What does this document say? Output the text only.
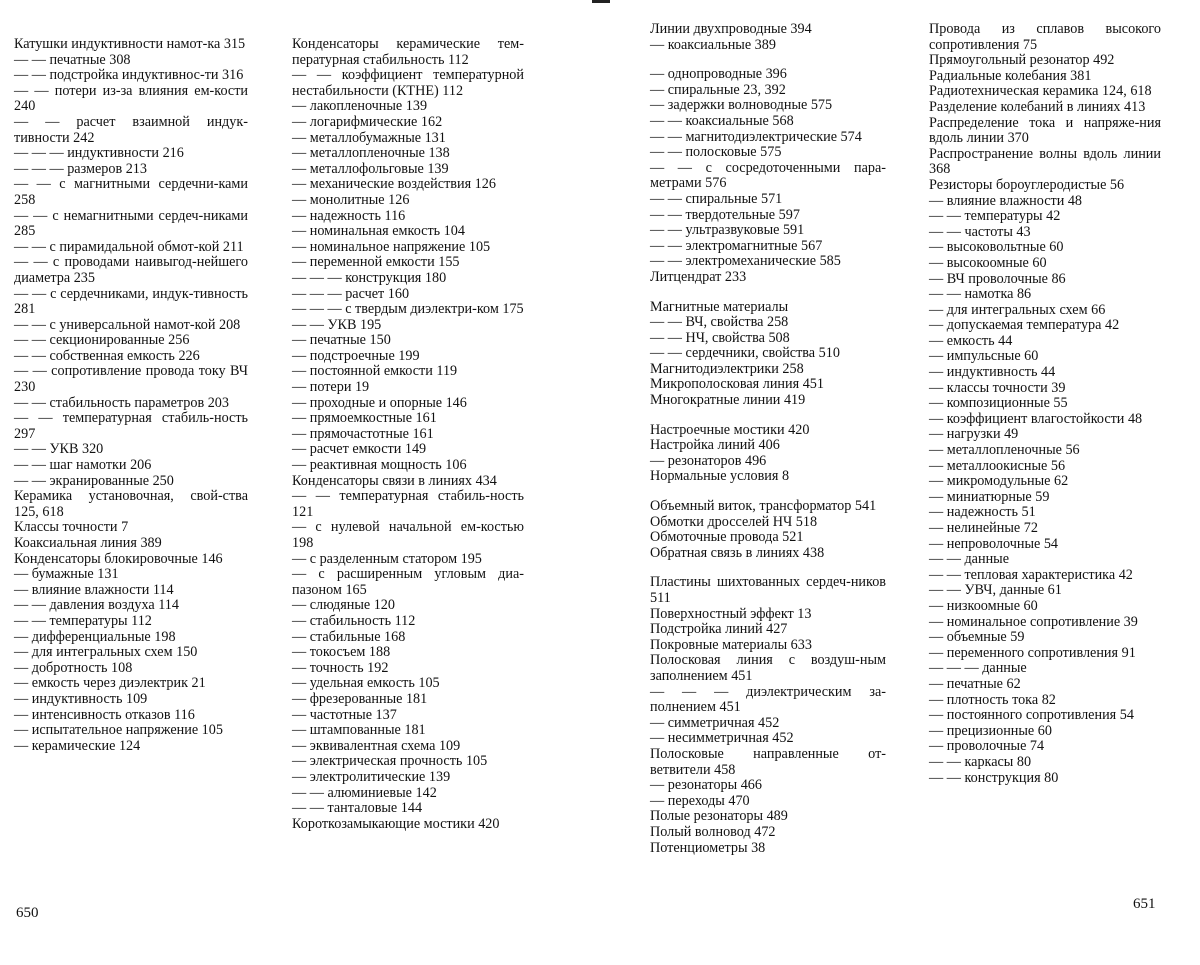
Катушки индуктивности намот-ка 315
— — печатные 308
— — подстройка индуктивнос-ти 316
— — потери из-за влияния ем-кости 240
— — расчет взаимной индук-тивности 242
— — — индуктивности 216
— — — размеров 213
— — с магнитными сердечни-ками 258
— — с немагнитными сердеч-никами 285
— — с пирамидальной обмот-кой 211
— — с проводами наивыгод-нейшего диаметра 235
— — с сердечниками, индук-тивность 281
— — с универсальной намот-кой 208
— — секционированные 256
— — собственная емкость 226
— — сопротивление провода току ВЧ 230
— — стабильность параметров 203
— — температурная стабиль-ность 297
— — УКВ 320
— — шаг намотки 206
— — экранированные 250
Керамика установочная, свой-ства 125, 618
Классы точности 7
Коаксиальная линия 389
Конденсаторы блокировочные 146
— бумажные 131
— влияние влажности 114
— — давления воздуха 114
— — температуры 112
— дифференциальные 198
— для интегральных схем 150
— добротность 108
— емкость через диэлектрик 21
— индуктивность 109
— интенсивность отказов 116
— испытательное напряжение 105
— керамические 124
Конденсаторы керамические тем-пературная стабильность 112
— — коэффициент температурной нестабильности (КТНЕ) 112
— лакопленочные 139
— логарифмические 162
— металлобумажные 131
— металлопленочные 138
— металлофольговые 139
— механические воздействия 126
— монолитные 126
— надежность 116
— номинальная емкость 104
— номинальное напряжение 105
— переменной емкости 155
— — — конструкция 180
— — — расчет 160
— — — с твердым диэлектри-ком 175
— — УКВ 195
— печатные 150
— подстроечные 199
— постоянной емкости 119
— потери 19
— проходные и опорные 146
— прямоемкостные 161
— прямочастотные 161
— расчет емкости 149
— реактивная мощность 106
Конденсаторы связи в линиях 434
— — температурная стабиль-ность 121
— с нулевой начальной ем-костью 198
— с разделенным статором 195
— с расширенным угловым диа-пазоном 165
— слюдяные 120
— стабильность 112
— стабильные 168
— токосъем 188
— точность 192
— удельная емкость 105
— фрезерованные 181
— частотные 137
— штампованные 181
— эквивалентная схема 109
— электрическая прочность 105
— электролитические 139
— — алюминиевые 142
— — танталовые 144
Короткозамыкающие мостики 420
650
Линии двухпроводные 394
— коаксиальные 389
— однопроводные 396
— спиральные 23, 392
— задержки волноводные 575
— — коаксиальные 568
— — магнитодиэлектрические 574
— — полосковые 575
— — с сосредоточенными пара-метрами 576
— — спиральные 571
— — твердотельные 597
— — ультразвуковые 591
— — электромагнитные 567
— — электромеханические 585
Литцендрат 233
Магнитные материалы
— — ВЧ, свойства 258
— — НЧ, свойства 508
— — сердечники, свойства 510
Магнитодиэлектрики 258
Микрополосковая линия 451
Многократные линии 419
Настроечные мостики 420
Настройка линий 406
— резонаторов 496
Нормальные условия 8
Объемный виток, трансформатор 541
Обмотки дросселей НЧ 518
Обмоточные провода 521
Обратная связь в линиях 438
Пластины шихтованных сердеч-ников 511
Поверхностный эффект 13
Подстройка линий 427
Покровные материалы 633
Полосковая линия с воздуш-ным заполнением 451
— — — диэлектрическим за-полнением 451
— симметричная 452
— несимметричная 452
Полосковые направленные от-ветвители 458
— резонаторы 466
— переходы 470
Полые резонаторы 489
Полый волновод 472
Потенциометры 38
Провода из сплавов высокого сопротивления 75
Прямоугольный резонатор 492
Радиальные колебания 381
Радиотехническая керамика 124, 618
Разделение колебаний в линиях 413
Распределение тока и напряже-ния вдоль линии 370
Распространение волны вдоль линии 368
Резисторы бороуглеродистые 56
— влияние влажности 48
— — температуры 42
— — частоты 43
— высоковольтные 60
— высокоомные 60
— ВЧ проволочные 86
— — намотка 86
— для интегральных схем 66
— допускаемая температура 42
— емкость 44
— импульсные 60
— индуктивность 44
— классы точности 39
— композиционные 55
— коэффициент влагостойкости 48
— нагрузки 49
— металлопленочные 56
— металлоокисные 56
— микромодульные 62
— миниатюрные 59
— надежность 51
— нелинейные 72
— непроволочные 54
— — данные
— — тепловая характеристика 42
— — УВЧ, данные 61
— низкоомные 60
— номинальное сопротивление 39
— объемные 59
— переменного сопротивления 91
— — — данные
— печатные 62
— плотность тока 82
— постоянного сопротивления 54
— прецизионные 60
— проволочные 74
— — каркасы 80
— — конструкция 80
651
